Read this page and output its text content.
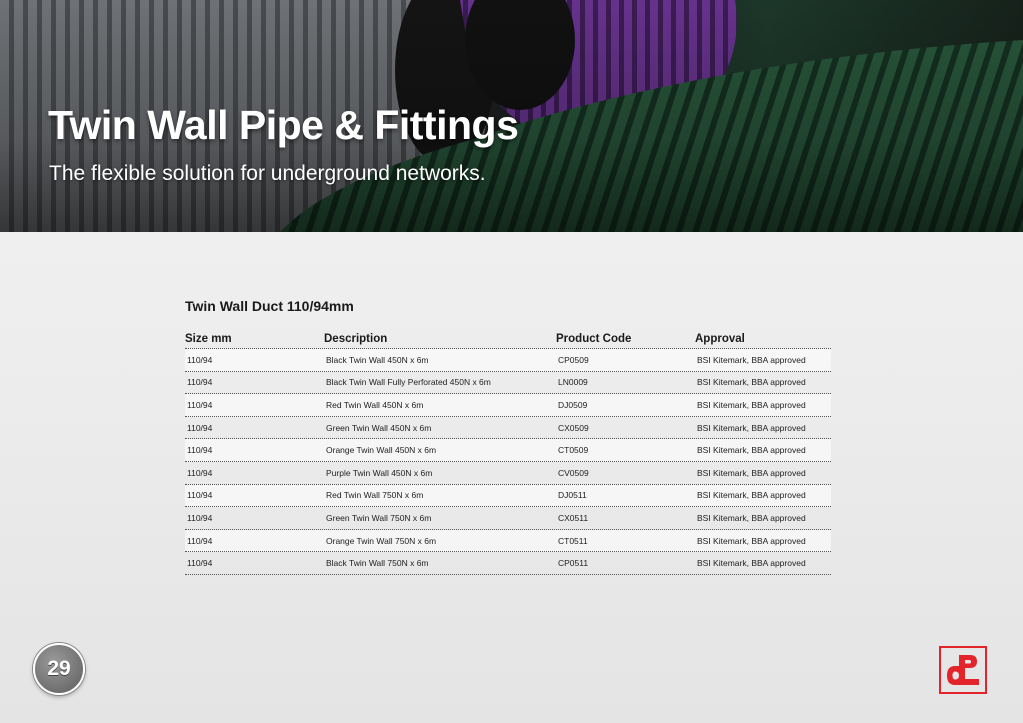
Twin Wall Pipe & Fittings

The flexible solution for underground networks.

Twin Wall Duct 110/94mm
Size mm	Description	Product Code	Approval
110/94	Black Twin Wall 450N x 6m	CP0509	BSI Kitemark, BBA approved
110/94	Black Twin Wall Fully Perforated 450N x 6m	LN0009	BSI Kitemark, BBA approved
110/94	Red Twin Wall 450N x 6m	DJ0509	BSI Kitemark, BBA approved
110/94	Green Twin Wall 450N x 6m	CX0509	BSI Kitemark, BBA approved
110/94	Orange Twin Wall 450N x 6m	CT0509	BSI Kitemark, BBA approved
110/94	Purple Twin Wall 450N x 6m	CV0509	BSI Kitemark, BBA approved
110/94	Red Twin Wall 750N x 6m	DJ0511	BSI Kitemark, BBA approved
110/94	Green Twin Wall 750N x 6m	CX0511	BSI Kitemark, BBA approved
110/94	Orange Twin Wall 750N x 6m	CT0511	BSI Kitemark, BBA approved
110/94	Black Twin Wall 750N x 6m	CP0511	BSI Kitemark, BBA approved
29
